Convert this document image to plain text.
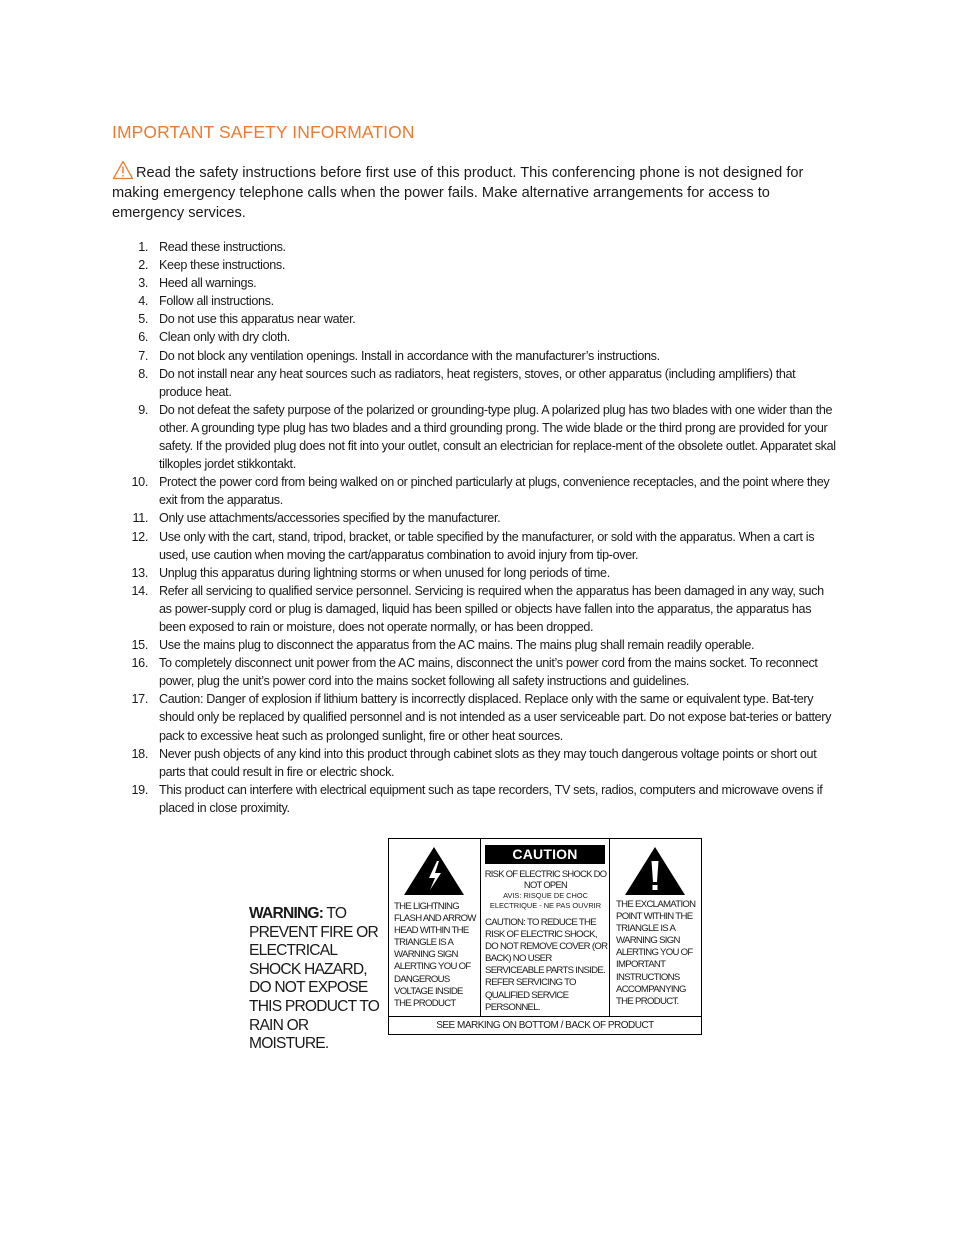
IMPORTANT SAFETY INFORMATION

Read the safety instructions before first use of this product. This conferencing phone is not designed for making emergency telephone calls when the power fails. Make alternative arrangements for access to emergency services.

1. Read these instructions.
2. Keep these instructions.
3. Heed all warnings.
4. Follow all instructions.
5. Do not use this apparatus near water.
6. Clean only with dry cloth.
7. Do not block any ventilation openings. Install in accordance with the manufacturer’s instructions.
8. Do not install near any heat sources such as radiators, heat registers, stoves, or other apparatus (including amplifiers) that produce heat.
9. Do not defeat the safety purpose of the polarized or grounding-type plug. A polarized plug has two blades with one wider than the other. A grounding type plug has two blades and a third grounding prong. The wide blade or the third prong are provided for your safety. If the provided plug does not fit into your outlet, consult an electrician for replace-ment of the obsolete outlet. Apparatet skal tilkoples jordet stikkontakt.
10. Protect the power cord from being walked on or pinched particularly at plugs, convenience receptacles, and the point where they exit from the apparatus.
11. Only use attachments/accessories specified by the manufacturer.
12. Use only with the cart, stand, tripod, bracket, or table specified by the manufacturer, or sold with the apparatus. When a cart is used, use caution when moving the cart/apparatus combination to avoid injury from tip-over.
13. Unplug this apparatus during lightning storms or when unused for long periods of time.
14. Refer all servicing to qualified service personnel. Servicing is required when the apparatus has been damaged in any way, such as power-supply cord or plug is damaged, liquid has been spilled or objects have fallen into the apparatus, the apparatus has been exposed to rain or moisture, does not operate normally, or has been dropped.
15. Use the mains plug to disconnect the apparatus from the AC mains. The mains plug shall remain readily operable.
16. To completely disconnect unit power from the AC mains, disconnect the unit’s power cord from the mains socket. To reconnect power, plug the unit’s power cord into the mains socket following all safety instructions and guidelines.
17. Caution: Danger of explosion if lithium battery is incorrectly displaced. Replace only with the same or equivalent type. Bat-tery should only be replaced by qualified personnel and is not intended as a user serviceable part. Do not expose bat-teries or battery pack to excessive heat such as prolonged sunlight, fire or other heat sources.
18. Never push objects of any kind into this product through cabinet slots as they may touch dangerous voltage points or short out parts that could result in fire or electric shock.
19. This product can interfere with electrical equipment such as tape recorders, TV sets, radios, computers and microwave ovens if placed in close proximity.
WARNING: TO PREVENT FIRE OR ELECTRICAL SHOCK HAZARD, DO NOT EXPOSE THIS PRODUCT TO RAIN OR MOISTURE.
THE LIGHTNING FLASH AND ARROW HEAD WITHIN THE TRIANGLE IS A WARNING SIGN ALERTING YOU OF DANGEROUS VOLTAGE INSIDE THE PRODUCT
CAUTION
RISK OF ELECTRIC SHOCK DO NOT OPEN
AVIS: RISQUE DE CHOC ELECTRIQUE - NE PAS OUVRIR
CAUTION: TO REDUCE THE RISK OF ELECTRIC SHOCK, DO NOT REMOVE COVER (OR BACK) NO USER SERVICEABLE PARTS INSIDE. REFER SERVICING TO QUALIFIED SERVICE PERSONNEL.
THE EXCLAMATION POINT WITHIN THE TRIANGLE IS A WARNING SIGN ALERTING YOU OF IMPORTANT INSTRUCTIONS ACCOMPANYING THE PRODUCT.
SEE MARKING ON BOTTOM / BACK OF PRODUCT
